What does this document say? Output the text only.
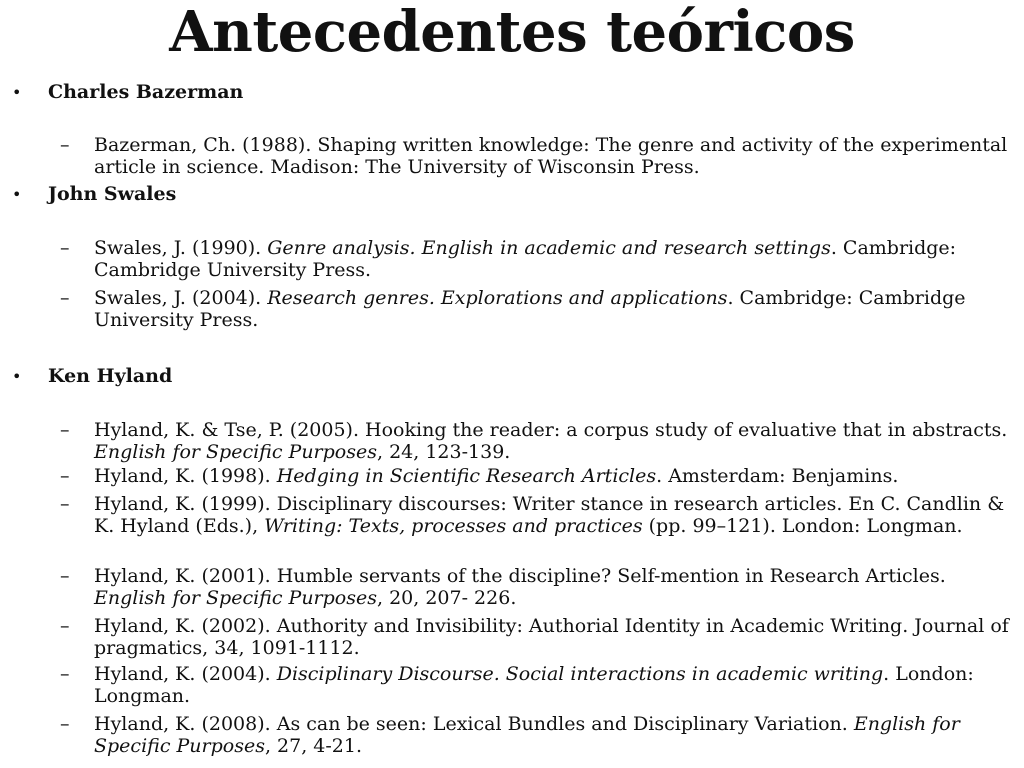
Antecedentes teóricos

• Charles Bazerman

– Bazerman, Ch. (1988). Shaping written knowledge: The genre and activity of the experimental article in science. Madison: The University of Wisconsin Press.

• John Swales

– Swales, J. (1990). Genre analysis. English in academic and research settings. Cambridge: Cambridge University Press.

– Swales, J. (2004). Research genres. Explorations and applications. Cambridge: Cambridge University Press.

• Ken Hyland

– Hyland, K. & Tse, P. (2005). Hooking the reader: a corpus study of evaluative that in abstracts. English for Specific Purposes, 24, 123-139.

– Hyland, K. (1998). Hedging in Scientific Research Articles. Amsterdam: Benjamins.

– Hyland, K. (1999). Disciplinary discourses: Writer stance in research articles. En C. Candlin & K. Hyland (Eds.), Writing: Texts, processes and practices (pp. 99–121). London: Longman.

– Hyland, K. (2001). Humble servants of the discipline? Self-mention in Research Articles. English for Specific Purposes, 20, 207- 226.

– Hyland, K. (2002). Authority and Invisibility: Authorial Identity in Academic Writing. Journal of pragmatics, 34, 1091-1112.

– Hyland, K. (2004). Disciplinary Discourse. Social interactions in academic writing. London: Longman.

– Hyland, K. (2008). As can be seen: Lexical Bundles and Disciplinary Variation. English for Specific Purposes, 27, 4-21.
